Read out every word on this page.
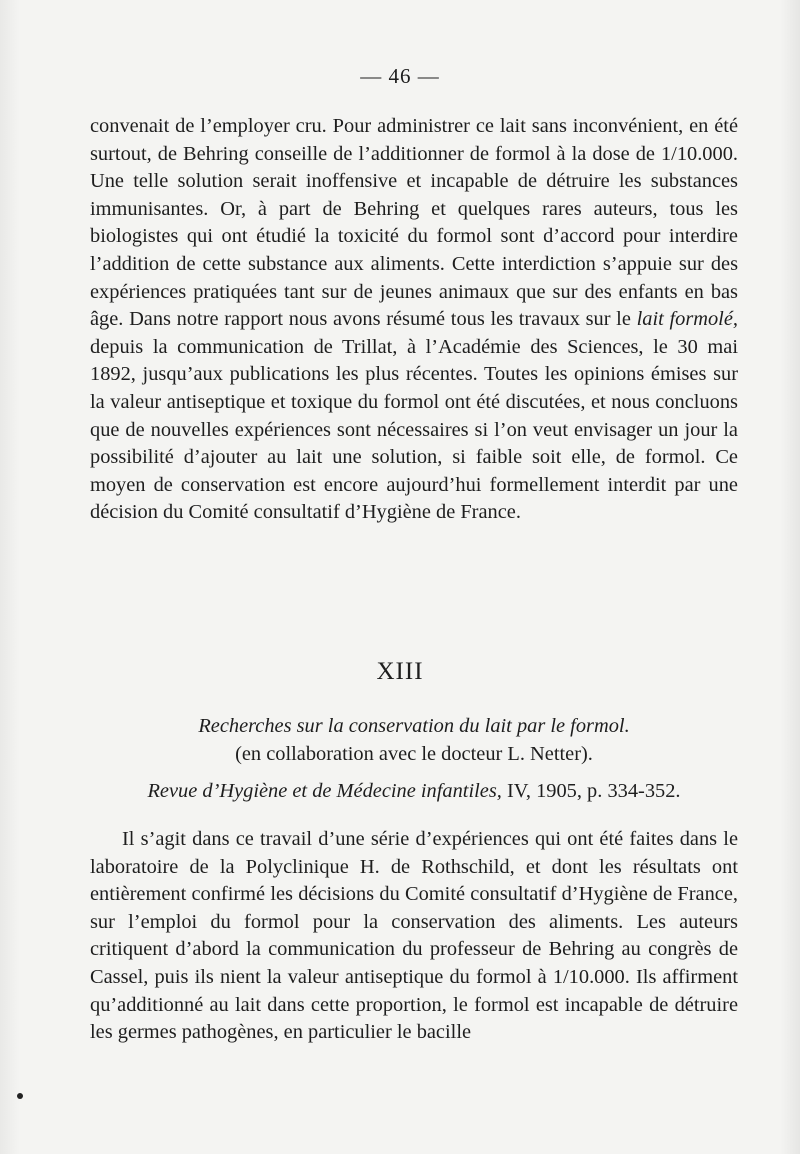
— 46 —

convenait de l’employer cru. Pour administrer ce lait sans inconvénient, en été surtout, de Behring conseille de l’additionner de formol à la dose de 1/10.000. Une telle solution serait inoffensive et incapable de détruire les substances immunisantes. Or, à part de Behring et quelques rares auteurs, tous les biologistes qui ont étudié la toxicité du formol sont d’accord pour interdire l’addition de cette substance aux aliments. Cette interdiction s’appuie sur des expériences pratiquées tant sur de jeunes animaux que sur des enfants en bas âge. Dans notre rapport nous avons résumé tous les travaux sur le lait formolé, depuis la communication de Trillat, à l’Académie des Sciences, le 30 mai 1892, jusqu’aux publications les plus récentes. Toutes les opinions émises sur la valeur antiseptique et toxique du formol ont été discutées, et nous concluons que de nouvelles expériences sont nécessaires si l’on veut envisager un jour la possibilité d’ajouter au lait une solution, si faible soit elle, de formol. Ce moyen de conservation est encore aujourd’hui formellement interdit par une décision du Comité consultatif d’Hygiène de France.

XIII
Recherches sur la conservation du lait par le formol.
(en collaboration avec le docteur L. Netter).
Revue d’Hygiène et de Médecine infantiles, IV, 1905, p. 334-352.

Il s’agit dans ce travail d’une série d’expériences qui ont été faites dans le laboratoire de la Polyclinique H. de Rothschild, et dont les résultats ont entièrement confirmé les décisions du Comité consultatif d’Hygiène de France, sur l’emploi du formol pour la conservation des aliments. Les auteurs critiquent d’abord la communication du professeur de Behring au congrès de Cassel, puis ils nient la valeur antiseptique du formol à 1/10.000. Ils affirment qu’additionné au lait dans cette proportion, le formol est incapable de détruire les germes pathogènes, en particulier le bacille
